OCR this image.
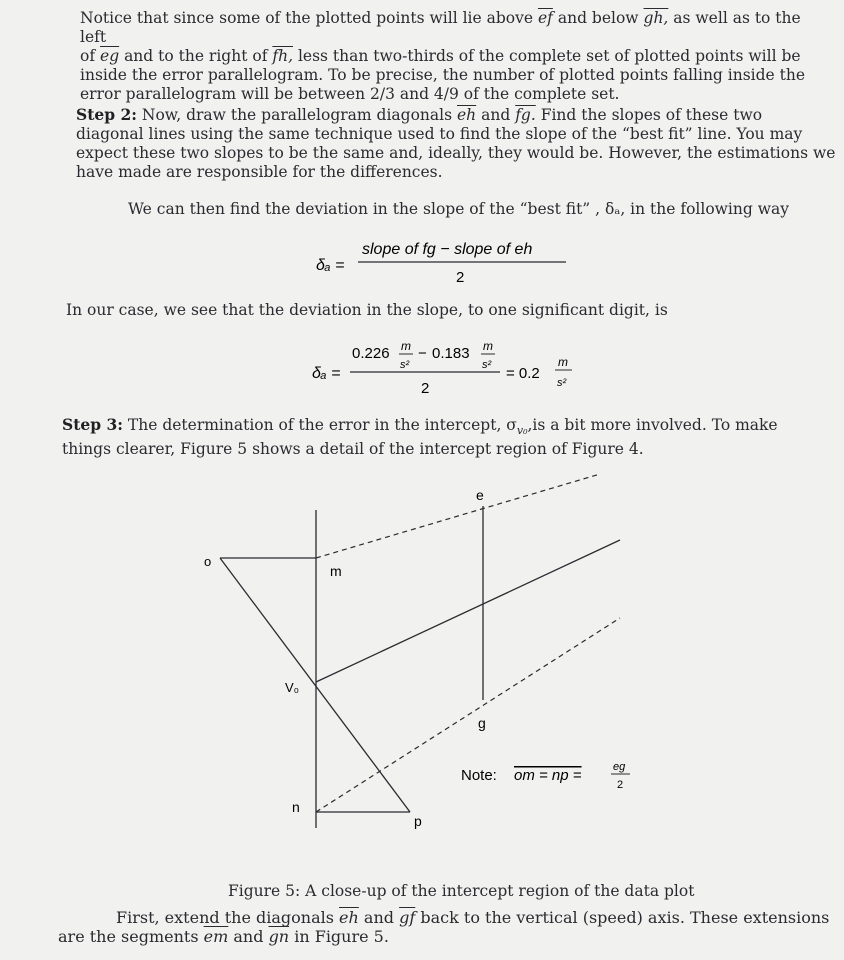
Notice that since some of the plotted points will lie above $\overline{ef}$ and below gh, as well as to the left
of $\overline{eg}$ and to the right of fh, less than two-thirds of the complete set of plotted points will be
inside the error parallelogram. To be precise, the number of plotted points falling inside the
error parallelogram will be between 2/3 and 4/9 of the complete set.

Step 2: Now, draw the parallelogram diagonals $\overline{eh}$ and fg. Find the slopes of these two
diagonal lines using the same technique used to find the slope of the “best fit” line. You may
expect these two slopes to be the same and, ideally, they would be. However, the estimations we
have made are responsible for the differences.

We can then find the deviation in the slope of the “best fit” , δₐ, in the following way

δₐ =
slope of fg − slope of eh
2

In our case, we see that the deviation in the slope, to one significant digit, is

δₐ =
0.226 m
s²
− 0.183 m
s²
2
= 0.2
m
s²

Step 3: The determination of the error in the intercept, $\sigma_{v_0},is$ a bit more involved. To make
things clearer, Figure 5 shows a detail of the intercept region of Figure 4.

o
m
e
V₀
g
n
p
Note: om = np =	eg
2

Figure 5: A close-up of the intercept region of the data plot

First, extend the diagonals $\overline{eh}$ and $\overline{gf}$ back to the vertical (speed) axis. These extensions
are the segments $\overline{em}$ and $\overline{gn}$ in Figure 5.
